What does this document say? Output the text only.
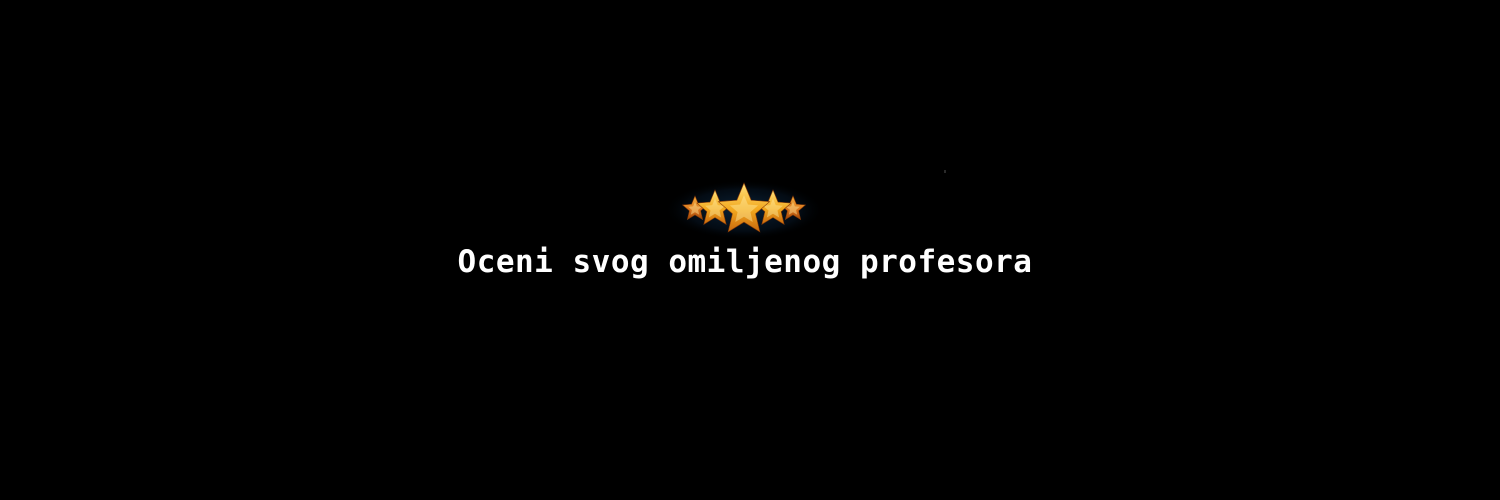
Oceni svog omiljenog profesora
